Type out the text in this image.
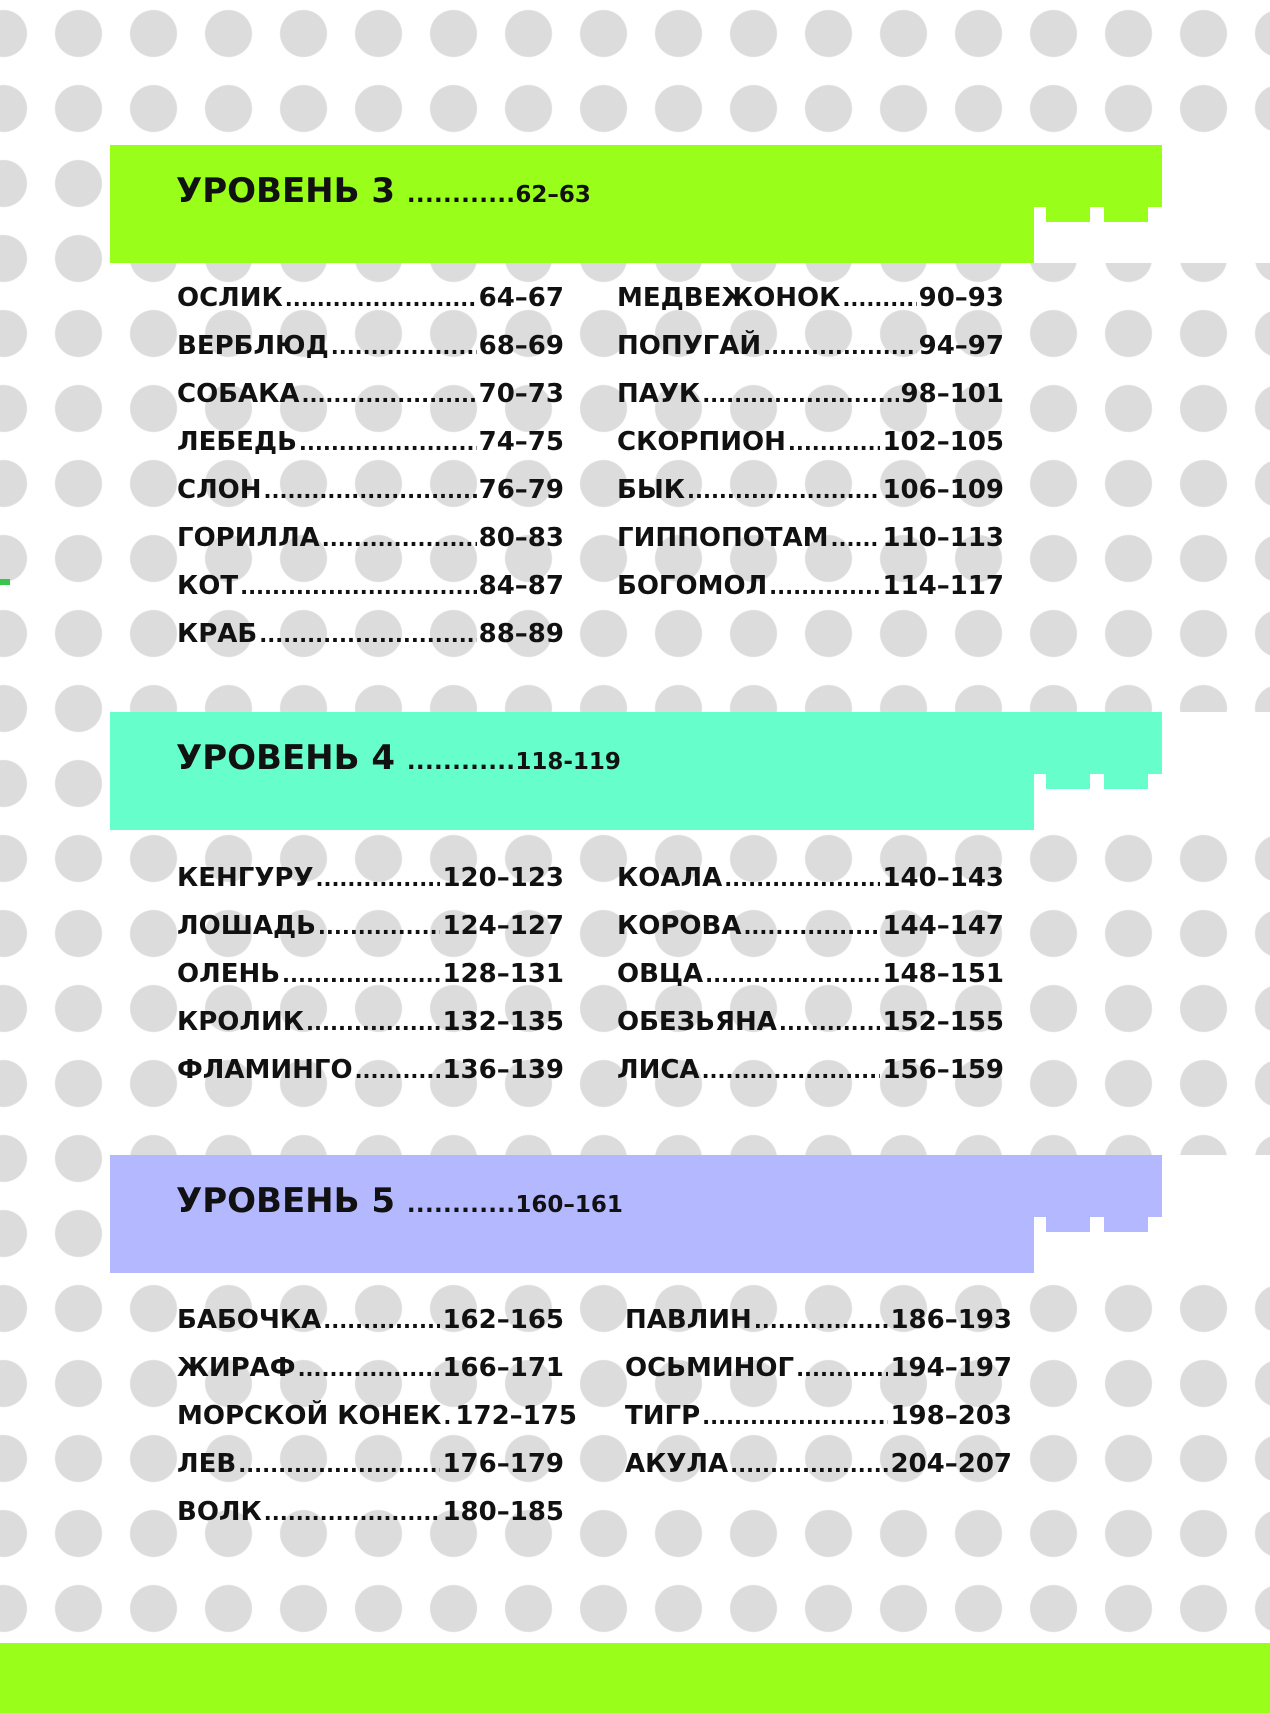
УРОВЕНЬ 3 ............62–63
ОСЛИК .....	64–67
ВЕРБЛЮД .....	68–69
СОБАКА .....	70–73
ЛЕБЕДЬ .....	74–75
СЛОН .....	76–79
ГОРИЛЛА .....	80–83
КОТ .....	84–87
КРАБ .....	88–89
МЕДВЕЖОНОК .....	90–93
ПОПУГАЙ .....	94–97
ПАУК .....	98–101
СКОРПИОН .....	102–105
БЫК .....	106–109
ГИППОПОТАМ ..... 110–113
БОГОМОЛ .....	114–117
УРОВЕНЬ 4 ............118-119
КЕНГУРУ .....	120–123
ЛОШАДЬ .....	124–127
ОЛЕНЬ .....	128–131
КРОЛИК .....	132–135
ФЛАМИНГО .....	136–139
КОАЛА .....	140–143
КОРОВА .....	144–147
ОВЦА .....	148–151
ОБЕЗЬЯНА .....	152–155
ЛИСА .....	156–159
УРОВЕНЬ 5 ............160–161
БАБОЧКА .....	162–165
ЖИРАФ .....	166–171
МОРСКОЙ КОНЕК ..... 172–175
ЛЕВ .....	176–179
ВОЛК .....	180–185
ПАВЛИН .....	186–193
ОСЬМИНОГ .....	194–197
ТИГР .....	198–203
АКУЛА .....	204–207
